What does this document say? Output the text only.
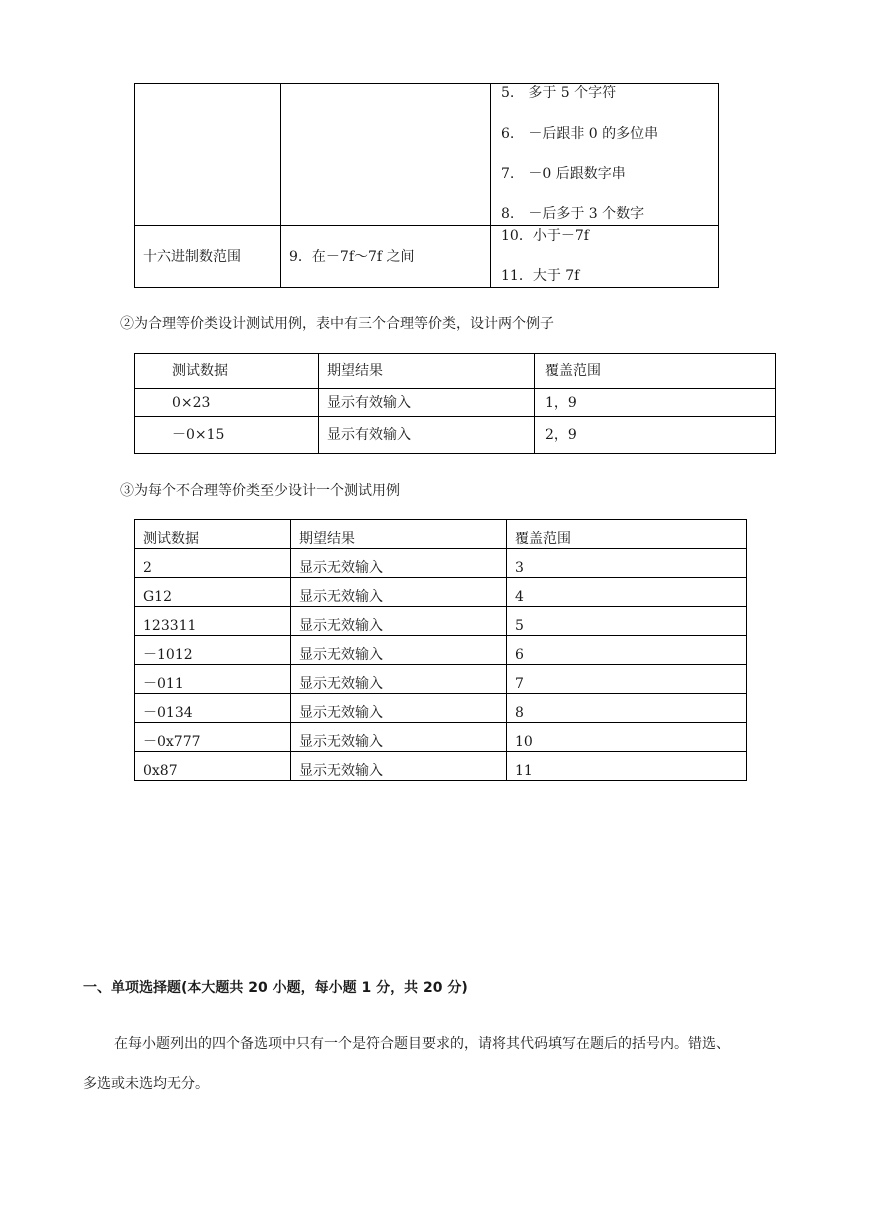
		5.　多于 5 个字符
6.　－后跟非 0 的多位串
7.　－0 后跟数字串
8.　－后多于 3 个数字

十六进制数范围	9．在－7f～7f 之间	10．小于－7f
11．大于 7f
②为合理等价类设计测试用例，表中有三个合理等价类，设计两个例子
测试数据	期望结果	覆盖范围
0×23	显示有效输入	1，9
－0×15	显示有效输入	2，9
③为每个不合理等价类至少设计一个测试用例
测试数据	期望结果	覆盖范围
2	显示无效输入	3
G12	显示无效输入	4
123311	显示无效输入	5
－1012	显示无效输入	6
－011	显示无效输入	7
－0134	显示无效输入	8
－0x777	显示无效输入	10
0x87	显示无效输入	11
一、单项选择题(本大题共 20 小题，每小题 1 分，共 20 分)
在每小题列出的四个备选项中只有一个是符合题目要求的，请将其代码填写在题后的括号内。错选、
多选或未选均无分。
